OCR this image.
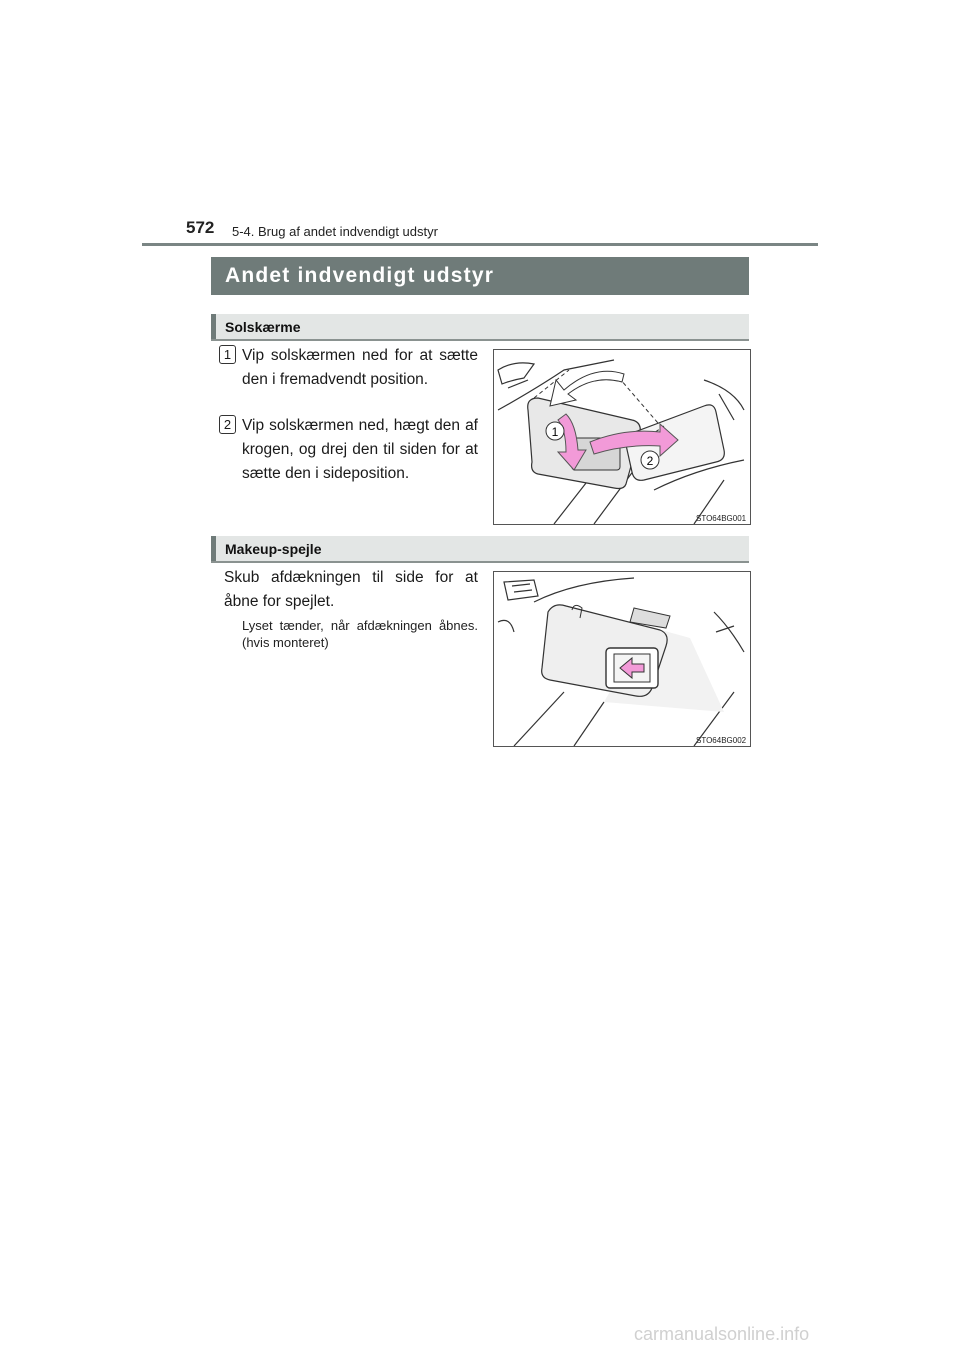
572 5-4. Brug af andet indvendigt udstyr
Andet indvendigt udstyr
Solskærme
1 Vip solskærmen ned for at sætte den i fremadvendt position.
2 Vip solskærmen ned, hægt den af krogen, og drej den til siden for at sætte den i sideposition.
1
2
STO64BG001
Makeup-spejle
Skub afdækningen til side for at åbne for spejlet.
Lyset tænder, når afdækningen åbnes. (hvis monteret)
STO64BG002
carmanualsonline.info
